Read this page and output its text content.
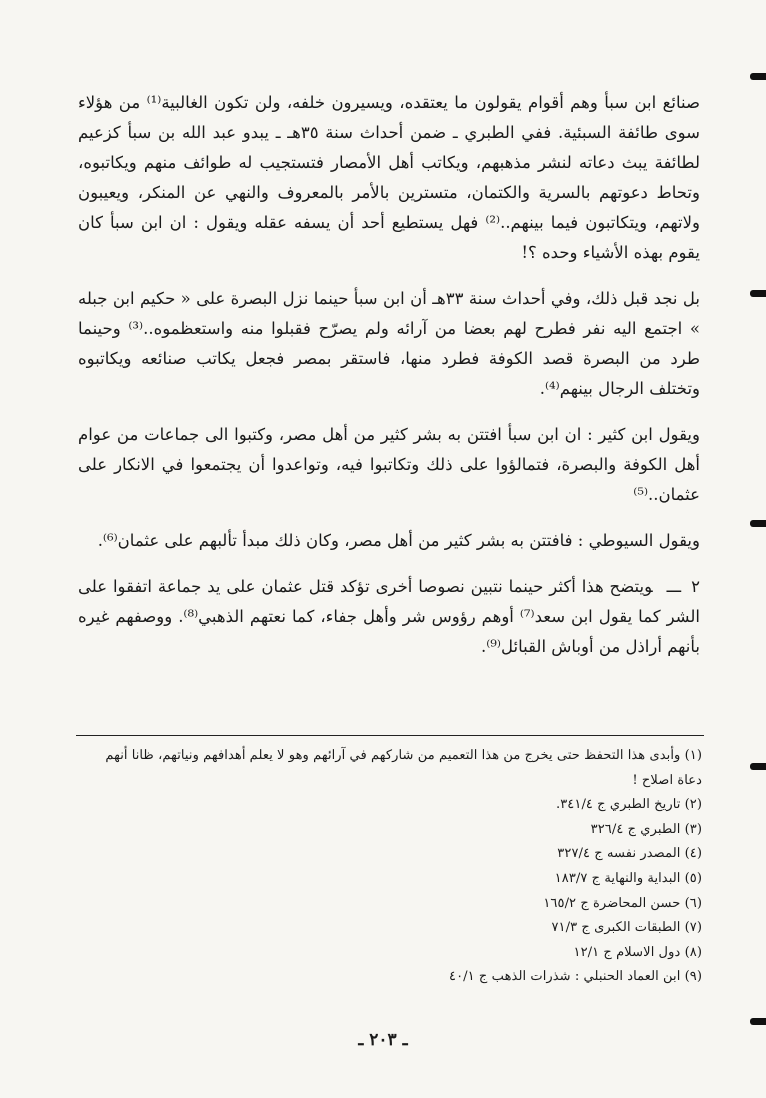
صنائع ابن سبأ وهم أقوام يقولون ما يعتقده، ويسيرون خلفه، ولن تكون الغالبية⁽¹⁾ من هؤلاء سوى طائفة السبئية. ففي الطبري ـ ضمن أحداث سنة ٣٥هـ ـ يبدو عبد الله بن سبأ كزعيم لطائفة يبث دعاته لنشر مذهبهم، ويكاتب أهل الأمصار فتستجيب له طوائف منهم ويكاتبوه، وتحاط دعوتهم بالسرية والكتمان، متسترين بالأمر بالمعروف والنهي عن المنكر، ويعيبون ولاتهم، ويتكاتبون فيما بينهم..⁽²⁾ فهل يستطيع أحد أن يسفه عقله ويقول : ان ابن سبأ كان يقوم بهذه الأشياء وحده ؟!

بل نجد قبل ذلك، وفي أحداث سنة ٣٣هـ أن ابن سبأ حينما نزل البصرة على « حكيم ابن جبله » اجتمع اليه نفر فطرح لهم بعضا من آرائه ولم يصرّح فقبلوا منه واستعظموه..⁽³⁾ وحينما طرد من البصرة قصد الكوفة فطرد منها، فاستقر بمصر فجعل يكاتب صنائعه ويكاتبوه وتختلف الرجال بينهم⁽⁴⁾.

ويقول ابن كثير : ان ابن سبأ افتتن به بشر كثير من أهل مصر، وكتبوا الى جماعات من عوام أهل الكوفة والبصرة، فتمالؤوا على ذلك وتكاتبوا فيه، وتواعدوا أن يجتمعوا في الانكار على عثمان..⁽⁵⁾

ويقول السيوطي : فافتتن به بشر كثير من أهل مصر، وكان ذلك مبدأ تألبهم على عثمان⁽⁶⁾.

٢ـــويتضح هذا أكثر حينما نتبين نصوصا أخرى تؤكد قتل عثمان على يد جماعة اتفقوا على الشر كما يقول ابن سعد⁽⁷⁾ أوهم رؤوس شر وأهل جفاء، كما نعتهم الذهبي⁽⁸⁾. ووصفهم غيره بأنهم أراذل من أوباش القبائل⁽⁹⁾.

(١) وأبدى هذا التحفظ حتى يخرج من هذا التعميم من شاركهم في آرائهم وهو لا يعلم أهدافهم ونياتهم، ظانا أنهم
دعاة اصلاح !
(٢) تاريخ الطبري ج ٣٤١/٤.
(٣) الطبري ج ٣٢٦/٤
(٤) المصدر نفسه ج ٣٢٧/٤
(٥) البداية والنهاية ج ١٨٣/٧
(٦) حسن المحاضرة ج ١٦٥/٢
(٧) الطبقات الكبرى ج ٧١/٣
(٨) دول الاسلام ج ١٢/١
(٩) ابن العماد الحنبلي : شذرات الذهب ج ٤٠/١
ـ ٢٠٣ ـ
